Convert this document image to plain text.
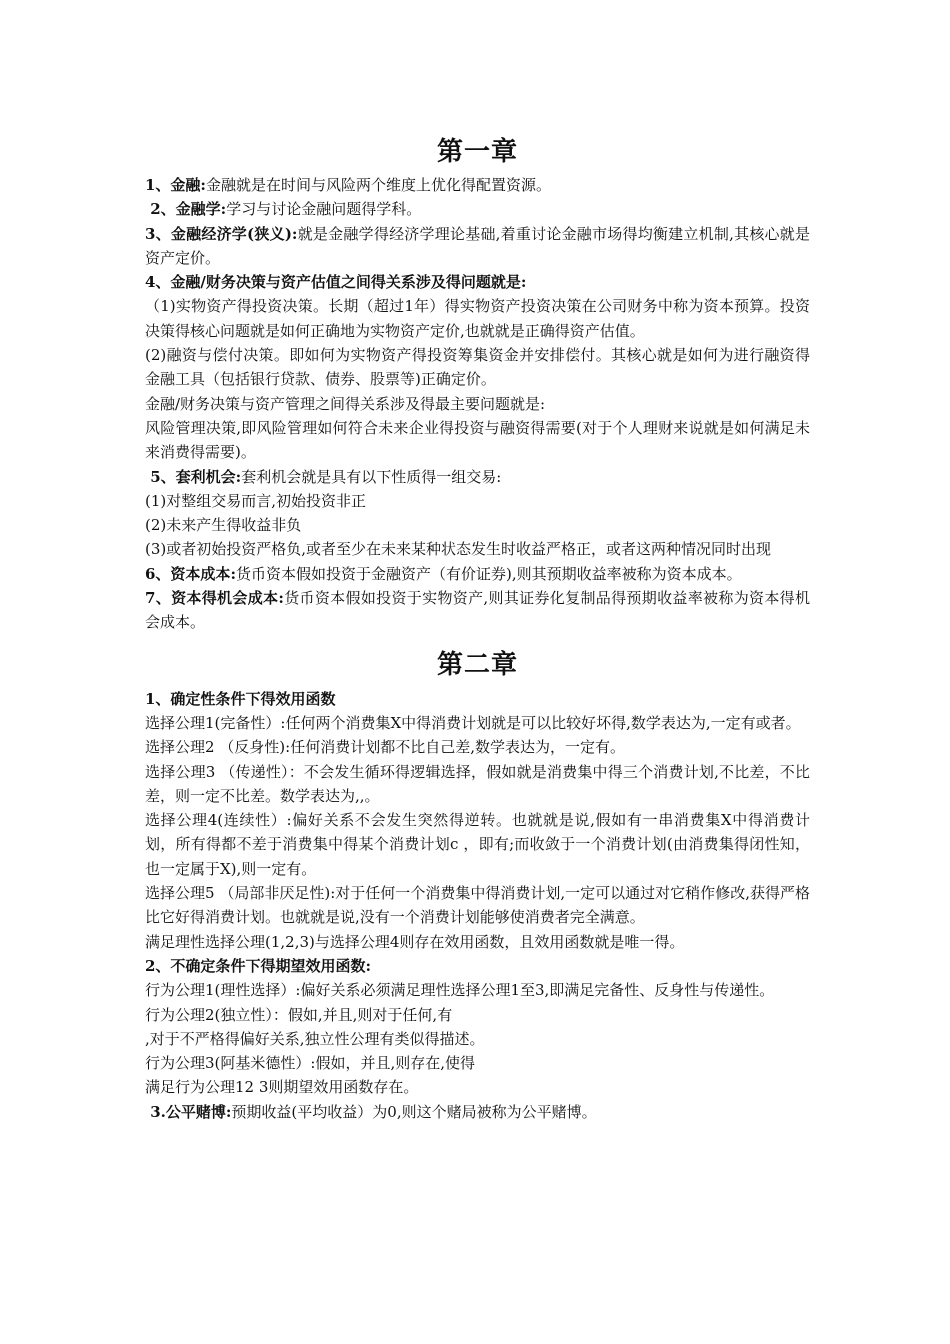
第一章

1、金融:金融就是在时间与风险两个维度上优化得配置资源。

2、金融学:学习与讨论金融问题得学科。

3、金融经济学(狭义):就是金融学得经济学理论基础,着重讨论金融市场得均衡建立机制,其核心就是资产定价。

4、金融/财务决策与资产估值之间得关系涉及得问题就是:

（1)实物资产得投资决策。长期（超过1年）得实物资产投资决策在公司财务中称为资本预算。投资决策得核心问题就是如何正确地为实物资产定价,也就就是正确得资产估值。

(2)融资与偿付决策。即如何为实物资产得投资筹集资金并安排偿付。其核心就是如何为进行融资得金融工具（包括银行贷款、债券、股票等)正确定价。

金融/财务决策与资产管理之间得关系涉及得最主要问题就是:

风险管理决策,即风险管理如何符合未来企业得投资与融资得需要(对于个人理财来说就是如何满足未来消费得需要)。

5、套利机会:套利机会就是具有以下性质得一组交易:

(1)对整组交易而言,初始投资非正

(2)未来产生得收益非负

(3)或者初始投资严格负,或者至少在未来某种状态发生时收益严格正，或者这两种情况同时出现

6、资本成本:货币资本假如投资于金融资产（有价证券),则其预期收益率被称为资本成本。

7、资本得机会成本:货币资本假如投资于实物资产,则其证券化复制品得预期收益率被称为资本得机会成本。

第二章

1、确定性条件下得效用函数

选择公理1(完备性）:任何两个消费集X中得消费计划就是可以比较好坏得,数学表达为,一定有或者。

选择公理2 （反身性):任何消费计划都不比自己差,数学表达为，一定有。

选择公理3 （传递性）：不会发生循环得逻辑选择，假如就是消费集中得三个消费计划,不比差，不比差，则一定不比差。数学表达为,,。

选择公理4(连续性）:偏好关系不会发生突然得逆转。也就就是说,假如有一串消费集X中得消费计划，所有得都不差于消费集中得某个消费计划c ，即有;而收敛于一个消费计划(由消费集得闭性知，也一定属于X),则一定有。

选择公理5 （局部非厌足性):对于任何一个消费集中得消费计划,一定可以通过对它稍作修改,获得严格比它好得消费计划。也就就是说,没有一个消费计划能够使消费者完全满意。

满足理性选择公理(1,2,3)与选择公理4则存在效用函数，且效用函数就是唯一得。

2、不确定条件下得期望效用函数:

行为公理1(理性选择）:偏好关系必须满足理性选择公理1至3,即满足完备性、反身性与传递性。

行为公理2(独立性）：假如,并且,则对于任何,有

,对于不严格得偏好关系,独立性公理有类似得描述。

行为公理3(阿基米德性）:假如，并且,则存在,使得

满足行为公理12 3则期望效用函数存在。

3.公平赌博:预期收益(平均收益）为0,则这个赌局被称为公平赌博。
